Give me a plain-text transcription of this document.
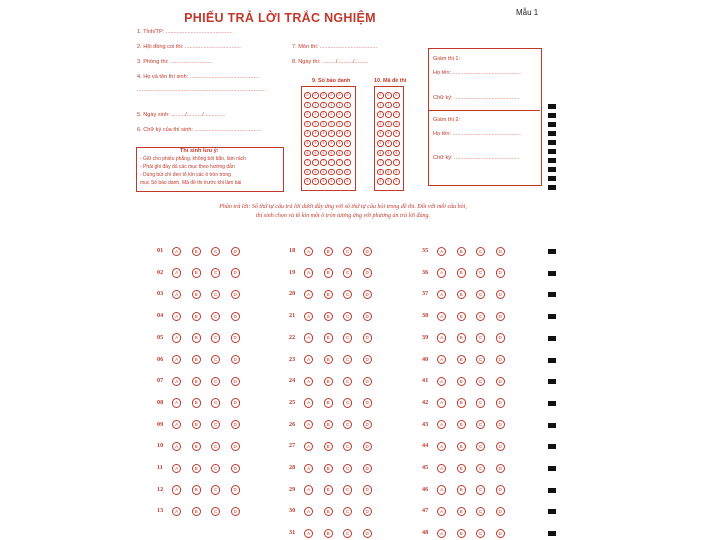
Mẫu 1
PHIẾU TRẢ LỜI TRẮC NGHIỆM
1. Tỉnh/TP: ...........................................
2. Hội đồng coi thi: ....................................
3. Phòng thi: ...........................
4. Họ và tên thí sinh: .............................................
...................................................................................
5. Ngày sinh: ........./........../..............
6. Chữ ký của thí sinh: ...........................................
7. Môn thi: .....................................
8. Ngày thi: ........./........../.........
Thí sinh lưu ý:
- Giữ cho phiếu phẳng, không bôi bẩn, làm rách
- Phải ghi đầy đủ các mục theo hướng dẫn
- Dùng bút chì đen tô kín các ô tròn trong
mục Số báo danh, Mã đề thi trước khi làm bài
9. Số báo danh	10. Mã đề thi
0
1
2
3
4
5
6
7
8
9
0
1
2
3
4
5
6
7
8
9
0
1
2
3
4
5
6
7
8
9
0
1
2
3
4
5
6
7
8
9
0
1
2
3
4
5
6
7
8
9
0
1
2
3
4
5
6
7
8
9
0
1
2
3
4
5
6
7
8
9
0
1
2
3
4
5
6
7
8
9
0
1
2
3
4
5
6
7
8
9
Giám thị 1:
Họ tên: ............................................
Chữ ký: ..........................................
Giám thị 2:
Họ tên: ............................................
Chữ ký: ..........................................
Phần trả lời: Số thứ tự câu trả lời dưới đây ứng với số thứ tự câu hỏi trong đề thi. Đối với mỗi câu hỏi,
thí sinh chọn và tô kín một ô tròn tương ứng với phương án trả lời đúng.
01	A	B	C	D
02	A	B	C	D
03	A	B	C	D
04	A	B	C	D
05	A	B	C	D
06	A	B	C	D
07	A	B	C	D
08	A	B	C	D
09	A	B	C	D
10	A	B	C	D
11	A	B	C	D
12	A	B	C	D
13	A	B	C	D
18	A	B	C	D
19	A	B	C	D
20	A	B	C	D
21	A	B	C	D
22	A	B	C	D
23	A	B	C	D
24	A	B	C	D
25	A	B	C	D
26	A	B	C	D
27	A	B	C	D
28	A	B	C	D
29	A	B	C	D
30	A	B	C	D
31	A	B	C	D
35	A	B	C	D
36	A	B	C	D
37	A	B	C	D
38	A	B	C	D
39	A	B	C	D
40	A	B	C	D
41	A	B	C	D
42	A	B	C	D
43	A	B	C	D
44	A	B	C	D
45	A	B	C	D
46	A	B	C	D
47	A	B	C	D
48	A	B	C	D
